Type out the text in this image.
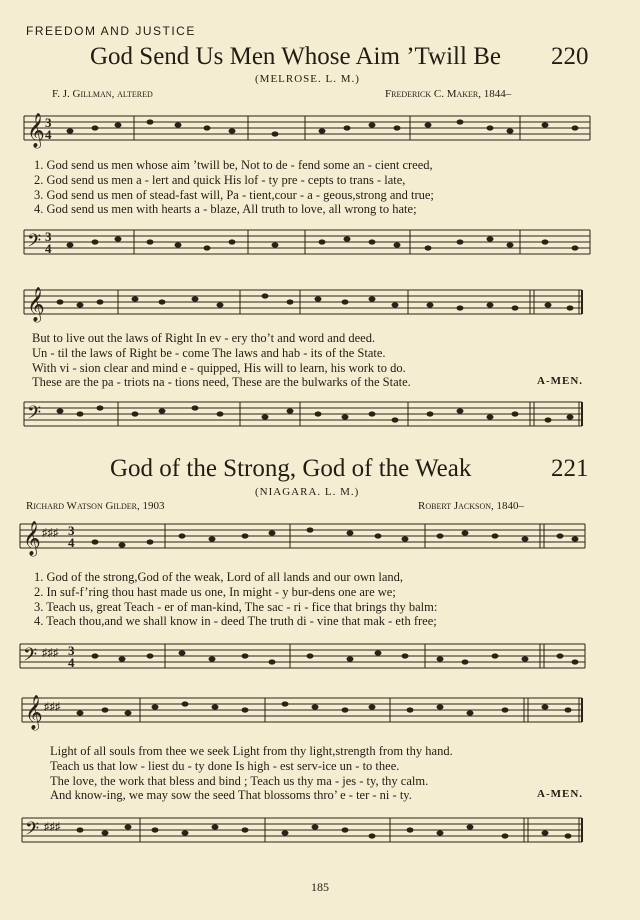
FREEDOM AND JUSTICE
God Send Us Men Whose Aim ’Twill Be 220
(MELROSE. L. M.)
F. J. Gillman, altered	Frederick C. Maker, 1844–
𝄞 3
4
1. God send us men whose aim ’twill be, Not to de - fend some an - cient creed,
2. God send us men a - lert and quick His lof - ty pre - cepts to trans - late,
3. God send us men of stead-fast will, Pa - tient,cour - a - geous,strong and true;
4. God send us men with hearts a - blaze, All truth to love, all wrong to hate;
𝄢 3
4
𝄞
But to live out the laws of Right In ev - ery tho’t and word and deed.
Un - til the laws of Right be - come The laws and hab - its of the State.
With vi - sion clear and mind e - quipped, His will to learn, his work to do.
These are the pa - triots na - tions need, These are the bulwarks of the State.	A-MEN.
𝄢
God of the Strong, God of the Weak	221
(NIAGARA. L. M.)
Richard Watson Gilder, 1903	Robert Jackson, 1840–
𝄞 ♯♯♯ 3
4
1. God of the strong,God of the weak, Lord of all lands and our own land,
2. In suf-f’ring thou hast made us one, In might - y bur-dens one are we;
3. Teach us, great Teach - er of man-kind, The sac - ri - fice that brings thy balm:
4. Teach thou,and we shall know in - deed The truth di - vine that mak - eth free;
𝄢 ♯♯♯ 3
4
𝄞 ♯♯♯
Light of all souls from thee we seek Light from thy light,strength from thy hand.
Teach us that low - liest du - ty done Is high - est serv-ice un - to thee.
The love, the work that bless and bind ; Teach us thy ma - jes - ty, thy calm.
And know-ing, we may sow the seed That blossoms thro’ e - ter - ni - ty.	A-MEN.
𝄢 ♯♯♯
185
